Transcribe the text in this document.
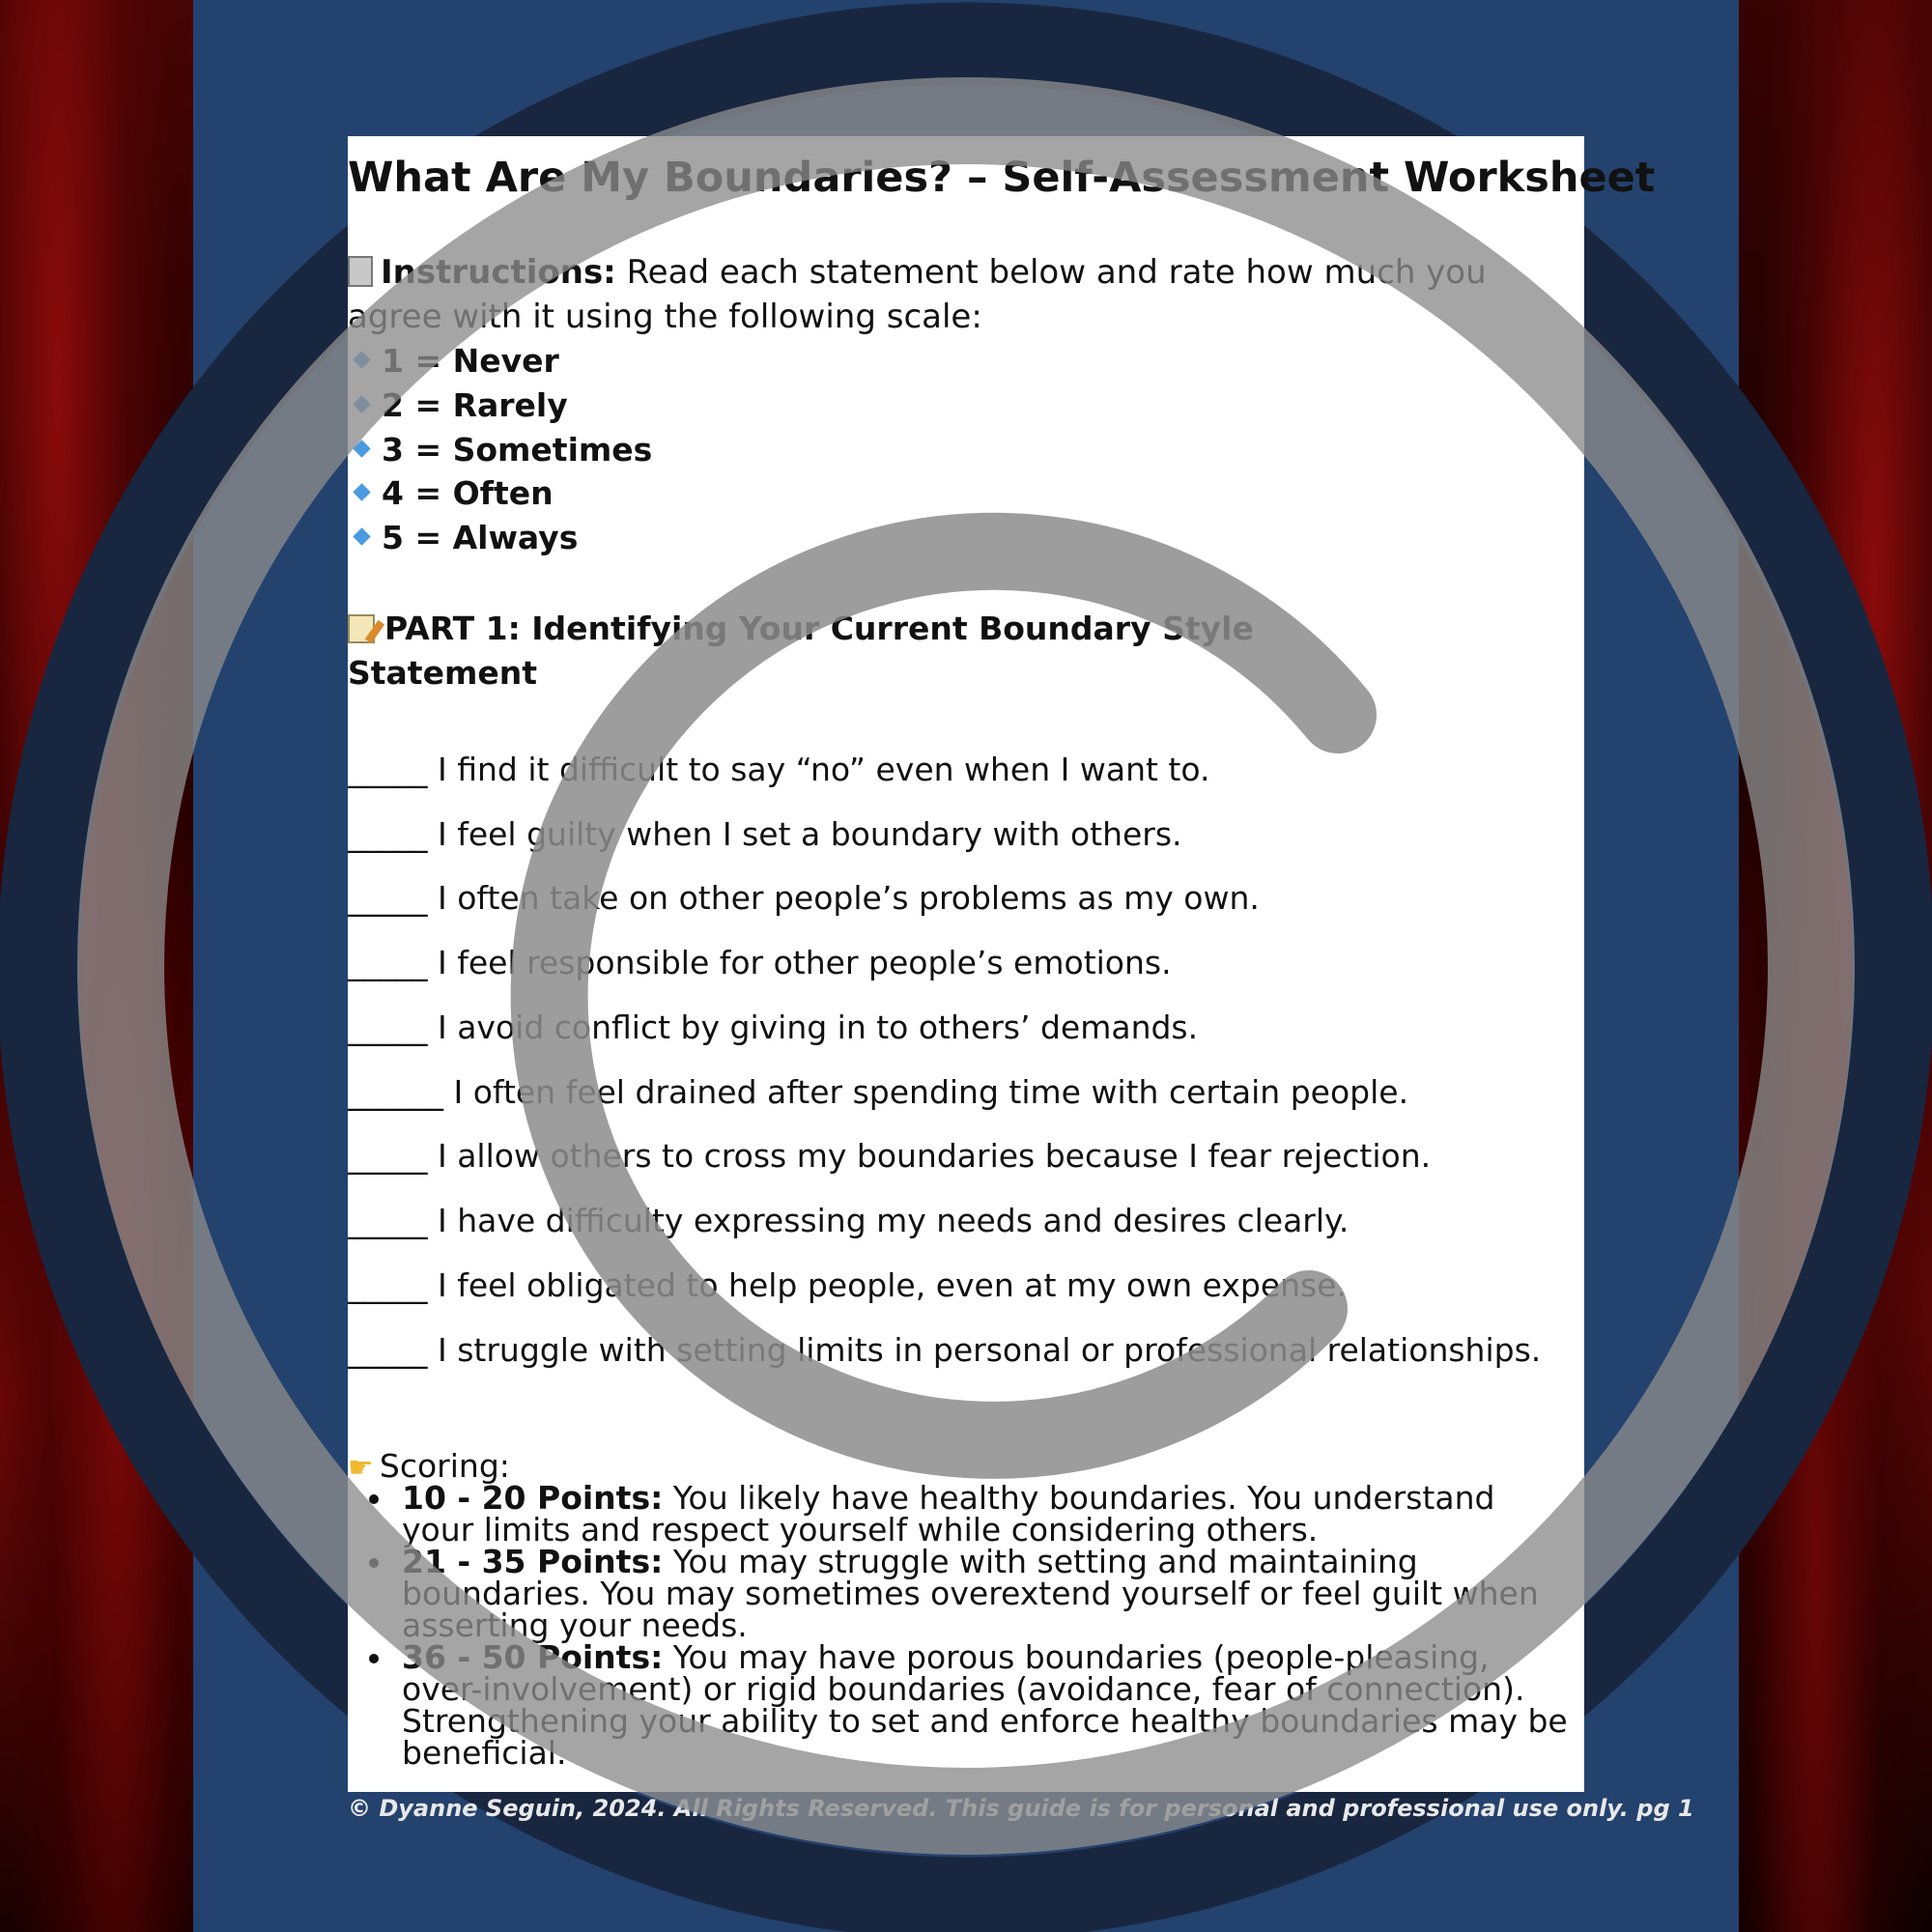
What Are My Boundaries? – Self-Assessment Worksheet
Instructions: Read each statement below and rate how much you agree with it using the following scale:
1 = Never
2 = Rarely
3 = Sometimes
4 = Often
5 = Always
PART 1: Identifying Your Current Boundary Style
Statement
_____ I find it difficult to say “no” even when I want to.
_____ I feel guilty when I set a boundary with others.
_____ I often take on other people’s problems as my own.
_____ I feel responsible for other people’s emotions.
_____ I avoid conflict by giving in to others’ demands.
______ I often feel drained after spending time with certain people.
_____ I allow others to cross my boundaries because I fear rejection.
_____ I have difficulty expressing my needs and desires clearly.
_____ I feel obligated to help people, even at my own expense.
_____ I struggle with setting limits in personal or professional relationships.
☛ Scoring:
10 - 20 Points: You likely have healthy boundaries. You understand your limits and respect yourself while considering others.
21 - 35 Points: You may struggle with setting and maintaining boundaries. You may sometimes overextend yourself or feel guilt when asserting your needs.
36 - 50 Points: You may have porous boundaries (people-pleasing, over-involvement) or rigid boundaries (avoidance, fear of connection). Strengthening your ability to set and enforce healthy boundaries may be beneficial.
© Dyanne Seguin, 2024. All Rights Reserved. This guide is for personal and professional use only. pg 1
